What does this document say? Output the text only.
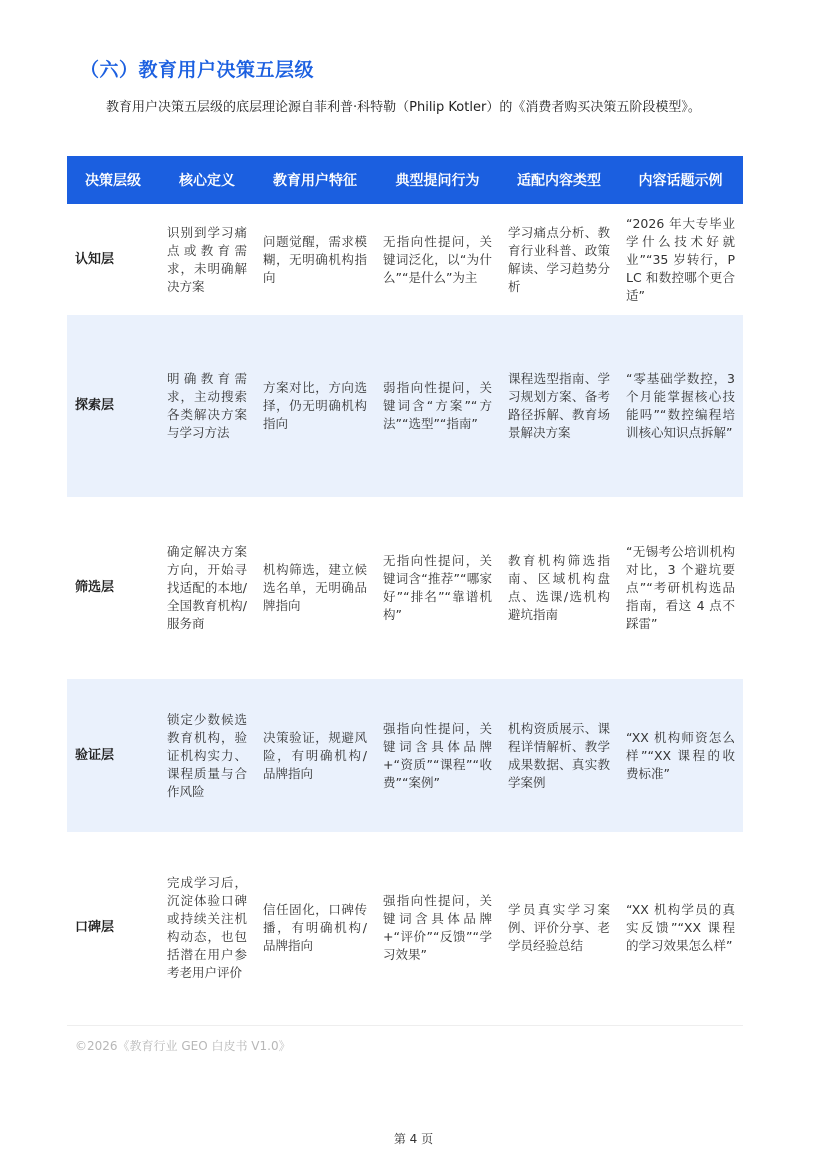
（六）教育用户决策五层级

教育用户决策五层级的底层理论源自菲利普·科特勒（Philip Kotler）的《消费者购买决策五阶段模型》。

决策层级	核心定义	教育用户特征	典型提问行为	适配内容类型	内容话题示例
认知层	识别到学习痛点或教育需求，未明确解决方案	问题觉醒，需求模糊，无明确机构指向	无指向性提问，关键词泛化，以“为什么”“是什么”为主	学习痛点分析、教育行业科普、政策解读、学习趋势分析	“2026 年大专毕业学什么技术好就业”“35 岁转行，PLC 和数控哪个更合适”
探索层	明确教育需求，主动搜索各类解决方案与学习方法	方案对比，方向选择，仍无明确机构指向	弱指向性提问，关键词含“方案”“方法”“选型”“指南”	课程选型指南、学习规划方案、备考路径拆解、教育场景解决方案	“零基础学数控，3 个月能掌握核心技能吗”“数控编程培训核心知识点拆解”
筛选层	确定解决方案方向，开始寻找适配的本地/全国教育机构/服务商	机构筛选，建立候选名单，无明确品牌指向	无指向性提问，关键词含“推荐”“哪家好”“排名”“靠谱机构”	教育机构筛选指南、区域机构盘点、选课/选机构避坑指南	“无锡考公培训机构对比，3 个避坑要点”“考研机构选品指南，看这 4 点不踩雷”
验证层	锁定少数候选教育机构，验证机构实力、课程质量与合作风险	决策验证，规避风险，有明确机构/品牌指向	强指向性提问，关键词含具体品牌 +“资质”“课程”“收费”“案例”	机构资质展示、课程详情解析、教学成果数据、真实教学案例	“XX 机构师资怎么样”“XX 课程的收费标准”
口碑层	完成学习后，沉淀体验口碑或持续关注机构动态，也包括潜在用户参考老用户评价	信任固化，口碑传播，有明确机构/品牌指向	强指向性提问，关键词含具体品牌 +“评价”“反馈”“学习效果”	学员真实学习案例、评价分享、老学员经验总结	“XX 机构学员的真实反馈”“XX 课程的学习效果怎么样”
©2026《教育行业 GEO 白皮书 V1.0》
第 4 页
